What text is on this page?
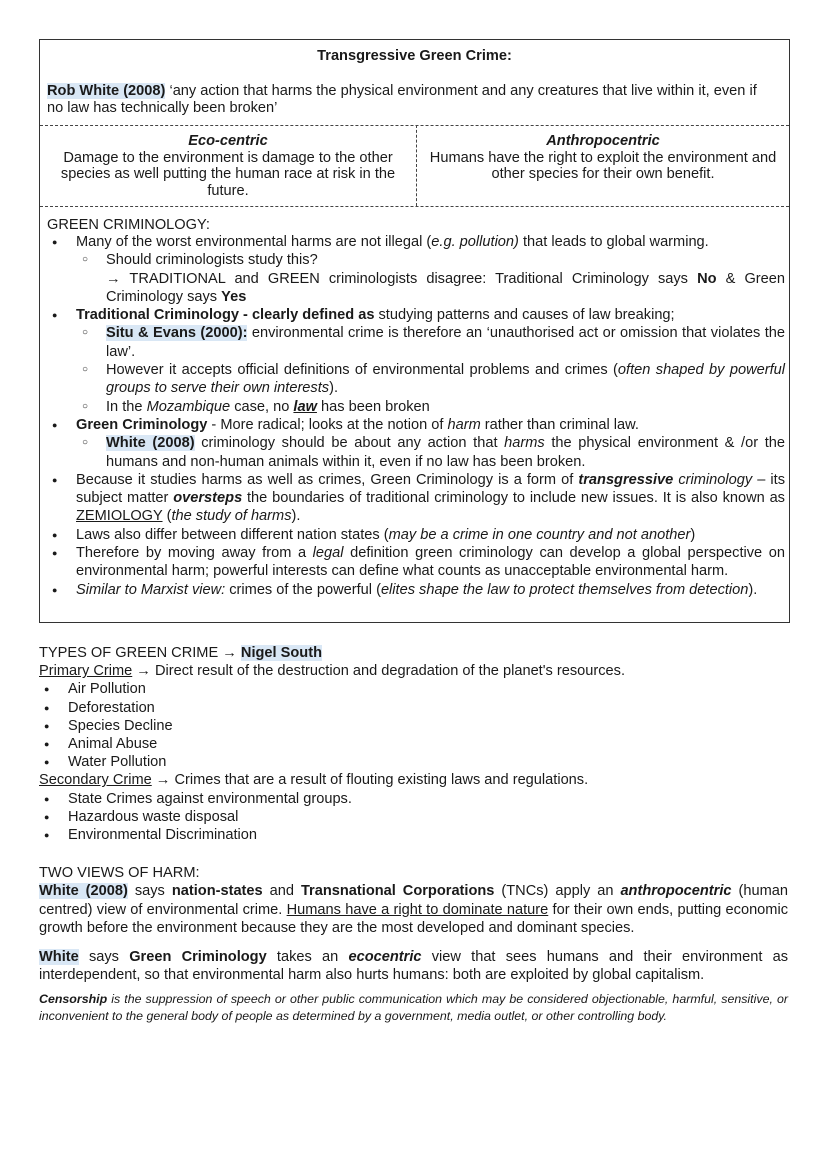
Transgressive Green Crime:
Rob White (2008) ‘any action that harms the physical environment and any creatures that live within it, even if no law has technically been broken’
Eco-centric
Damage to the environment is damage to the other species as well putting the human race at risk in the future.
Anthropocentric
Humans have the right to exploit the environment and other species for their own benefit.
GREEN CRIMINOLOGY:
● Many of the worst environmental harms are not illegal (e.g. pollution) that leads to global warming.
○ Should criminologists study this?
→ TRADITIONAL and GREEN criminologists disagree: Traditional Criminology says No & Green Criminology says Yes
● Traditional Criminology - clearly defined as studying patterns and causes of law breaking;
○ Situ & Evans (2000): environmental crime is therefore an ‘unauthorised act or omission that violates the law’.
○ However it accepts official definitions of environmental problems and crimes (often shaped by powerful groups to serve their own interests).
○ In the Mozambique case, no law has been broken
● Green Criminology - More radical; looks at the notion of harm rather than criminal law.
○ White (2008) criminology should be about any action that harms the physical environment & /or the humans and non-human animals within it, even if no law has been broken.
● Because it studies harms as well as crimes, Green Criminology is a form of transgressive criminology – its subject matter oversteps the boundaries of traditional criminology to include new issues. It is also known as ZEMIOLOGY (the study of harms).
● Laws also differ between different nation states (may be a crime in one country and not another)
● Therefore by moving away from a legal definition green criminology can develop a global perspective on environmental harm; powerful interests can define what counts as unacceptable environmental harm.
● Similar to Marxist view: crimes of the powerful (elites shape the law to protect themselves from detection).
TYPES OF GREEN CRIME → Nigel South
Primary Crime → Direct result of the destruction and degradation of the planet's resources.
● Air Pollution
● Deforestation
● Species Decline
● Animal Abuse
● Water Pollution
Secondary Crime → Crimes that are a result of flouting existing laws and regulations.
● State Crimes against environmental groups.
● Hazardous waste disposal
● Environmental Discrimination
TWO VIEWS OF HARM:

White (2008) says nation-states and Transnational Corporations (TNCs) apply an anthropocentric (human centred) view of environmental crime. Humans have a right to dominate nature for their own ends, putting economic growth before the environment because they are the most developed and dominant species.

White says Green Criminology takes an ecocentric view that sees humans and their environment as interdependent, so that environmental harm also hurts humans: both are exploited by global capitalism.

Censorship is the suppression of speech or other public communication which may be considered objectionable, harmful, sensitive, or inconvenient to the general body of people as determined by a government, media outlet, or other controlling body.
